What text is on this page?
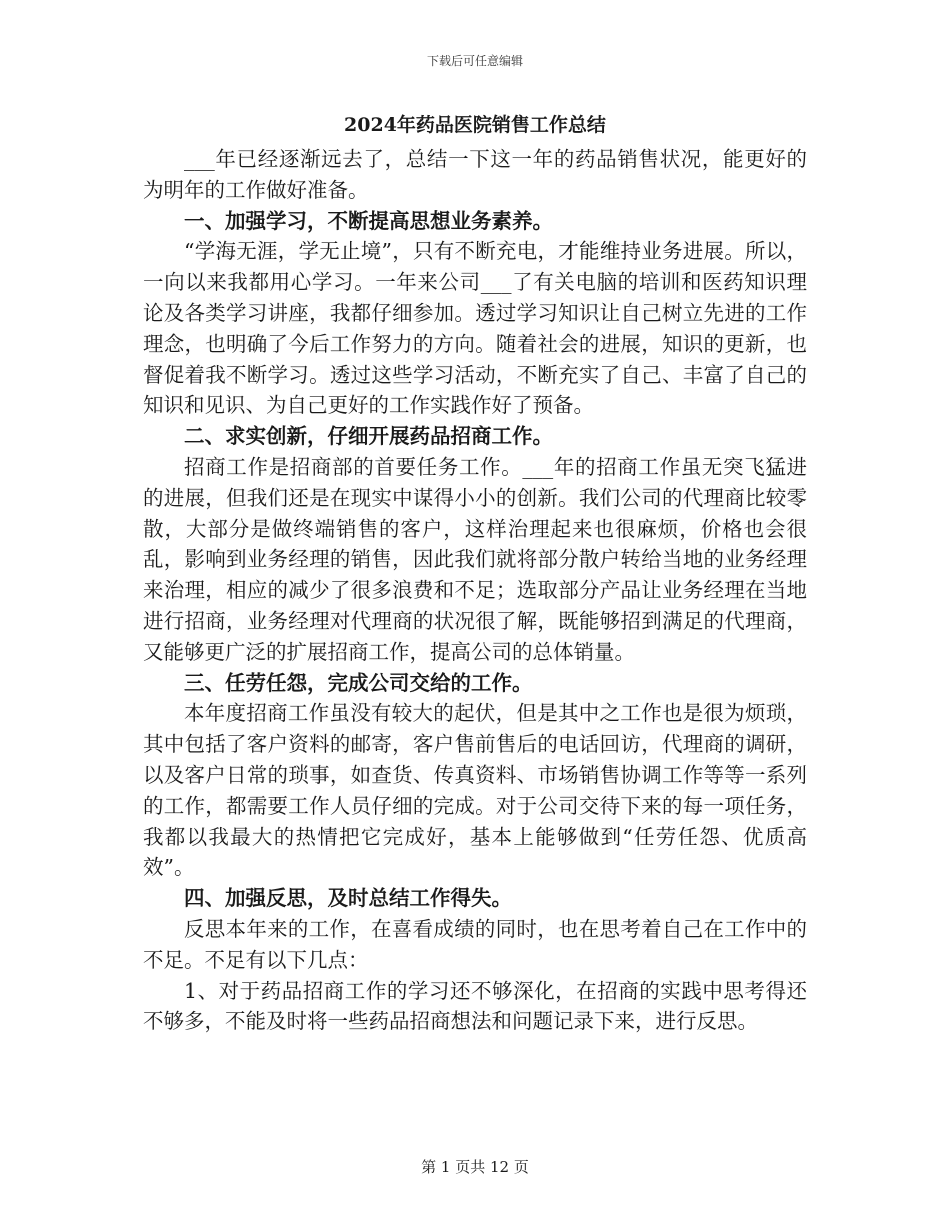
下载后可任意编辑
2024年药品医院销售工作总结

___年已经逐渐远去了，总结一下这一年的药品销售状况，能更好的为明年的工作做好准备。

一、加强学习，不断提高思想业务素养。

“学海无涯，学无止境”，只有不断充电，才能维持业务进展。所以，一向以来我都用心学习。一年来公司___了有关电脑的培训和医药知识理论及各类学习讲座，我都仔细参加。透过学习知识让自己树立先进的工作理念，也明确了今后工作努力的方向。随着社会的进展，知识的更新，也督促着我不断学习。透过这些学习活动，不断充实了自己、丰富了自己的知识和见识、为自己更好的工作实践作好了预备。

二、求实创新，仔细开展药品招商工作。

招商工作是招商部的首要任务工作。___年的招商工作虽无突飞猛进的进展，但我们还是在现实中谋得小小的创新。我们公司的代理商比较零散，大部分是做终端销售的客户，这样治理起来也很麻烦，价格也会很乱，影响到业务经理的销售，因此我们就将部分散户转给当地的业务经理来治理，相应的减少了很多浪费和不足；选取部分产品让业务经理在当地进行招商，业务经理对代理商的状况很了解，既能够招到满足的代理商，又能够更广泛的扩展招商工作，提高公司的总体销量。

三、任劳任怨，完成公司交给的工作。

本年度招商工作虽没有较大的起伏，但是其中之工作也是很为烦琐，其中包括了客户资料的邮寄，客户售前售后的电话回访，代理商的调研，以及客户日常的琐事，如查货、传真资料、市场销售协调工作等等一系列的工作，都需要工作人员仔细的完成。对于公司交待下来的每一项任务，我都以我最大的热情把它完成好，基本上能够做到“任劳任怨、优质高效”。

四、加强反思，及时总结工作得失。

反思本年来的工作，在喜看成绩的同时，也在思考着自己在工作中的不足。不足有以下几点：

1、对于药品招商工作的学习还不够深化，在招商的实践中思考得还不够多，不能及时将一些药品招商想法和问题记录下来，进行反思。

第 1 页共 12 页
